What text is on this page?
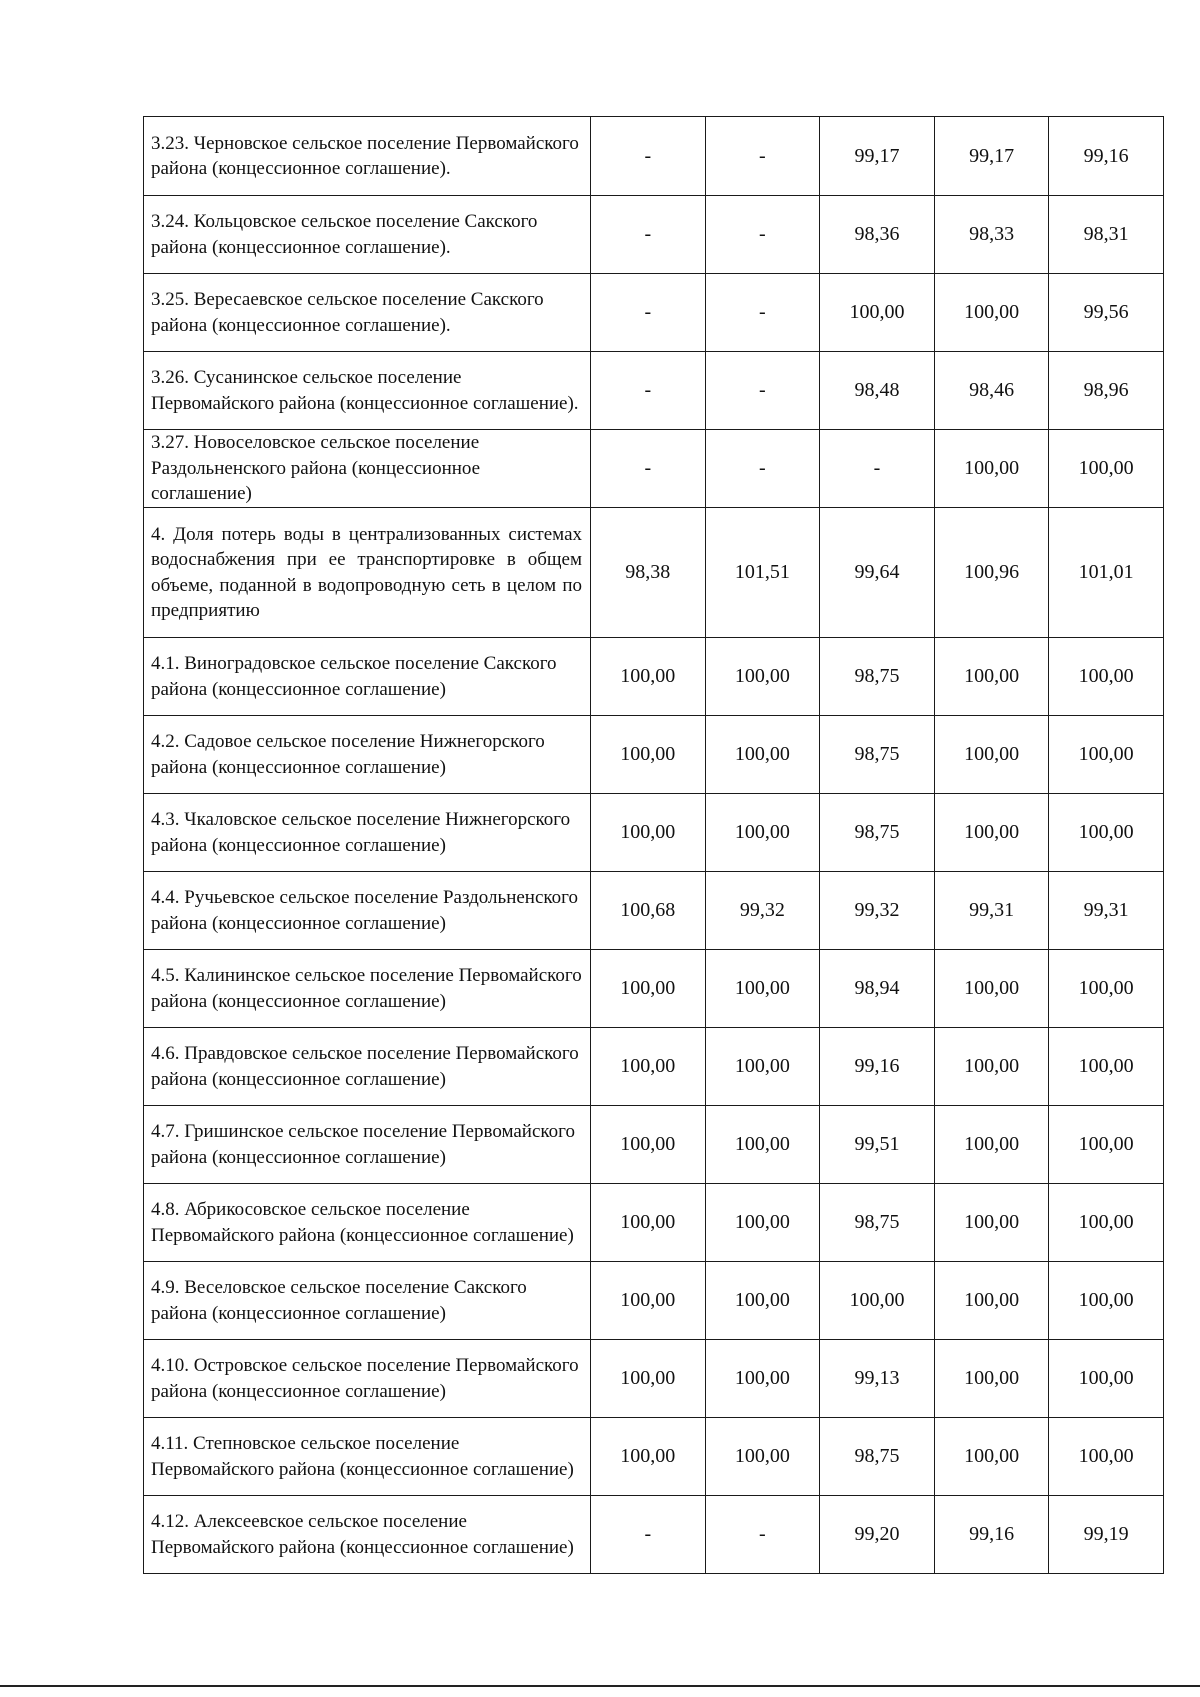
3.23. Черновское сельское поселение Первомайского района (концессионное соглашение).	-	-	99,17	99,17	99,16
3.24. Кольцовское сельское поселение Сакского района (концессионное соглашение).	-	-	98,36	98,33	98,31
3.25. Вересаевское сельское поселение Сакского района (концессионное соглашение).	-	-	100,00	100,00	99,56
3.26. Сусанинское сельское поселение Первомайского района (концессионное соглашение).	-	-	98,48	98,46	98,96
3.27. Новоселовское сельское поселение Раздольненского района (концессионное соглашение)	-	-	-	100,00	100,00
4. Доля потерь воды в централизованных системах водоснабжения при ее транспортировке в общем объеме, поданной в водопроводную сеть в целом по предприятию	98,38	101,51	99,64	100,96	101,01
4.1. Виноградовское сельское поселение Сакского района (концессионное соглашение)	100,00	100,00	98,75	100,00	100,00
4.2. Садовое сельское поселение Нижнегорского района (концессионное соглашение)	100,00	100,00	98,75	100,00	100,00
4.3. Чкаловское сельское поселение Нижнегорского района (концессионное соглашение)	100,00	100,00	98,75	100,00	100,00
4.4. Ручьевское сельское поселение Раздольненского района (концессионное соглашение)	100,68	99,32	99,32	99,31	99,31
4.5. Калининское сельское поселение Первомайского района (концессионное соглашение)	100,00	100,00	98,94	100,00	100,00
4.6. Правдовское сельское поселение Первомайского района (концессионное соглашение)	100,00	100,00	99,16	100,00	100,00
4.7. Гришинское сельское поселение Первомайского района (концессионное соглашение)	100,00	100,00	99,51	100,00	100,00
4.8. Абрикосовское сельское поселение Первомайского района (концессионное соглашение)	100,00	100,00	98,75	100,00	100,00
4.9. Веселовское сельское поселение Сакского района (концессионное соглашение)	100,00	100,00	100,00	100,00	100,00
4.10. Островское сельское поселение Первомайского района (концессионное соглашение)	100,00	100,00	99,13	100,00	100,00
4.11. Степновское сельское поселение Первомайского района (концессионное соглашение)	100,00	100,00	98,75	100,00	100,00
4.12. Алексеевское сельское поселение Первомайского района (концессионное соглашение)	-	-	99,20	99,16	99,19
